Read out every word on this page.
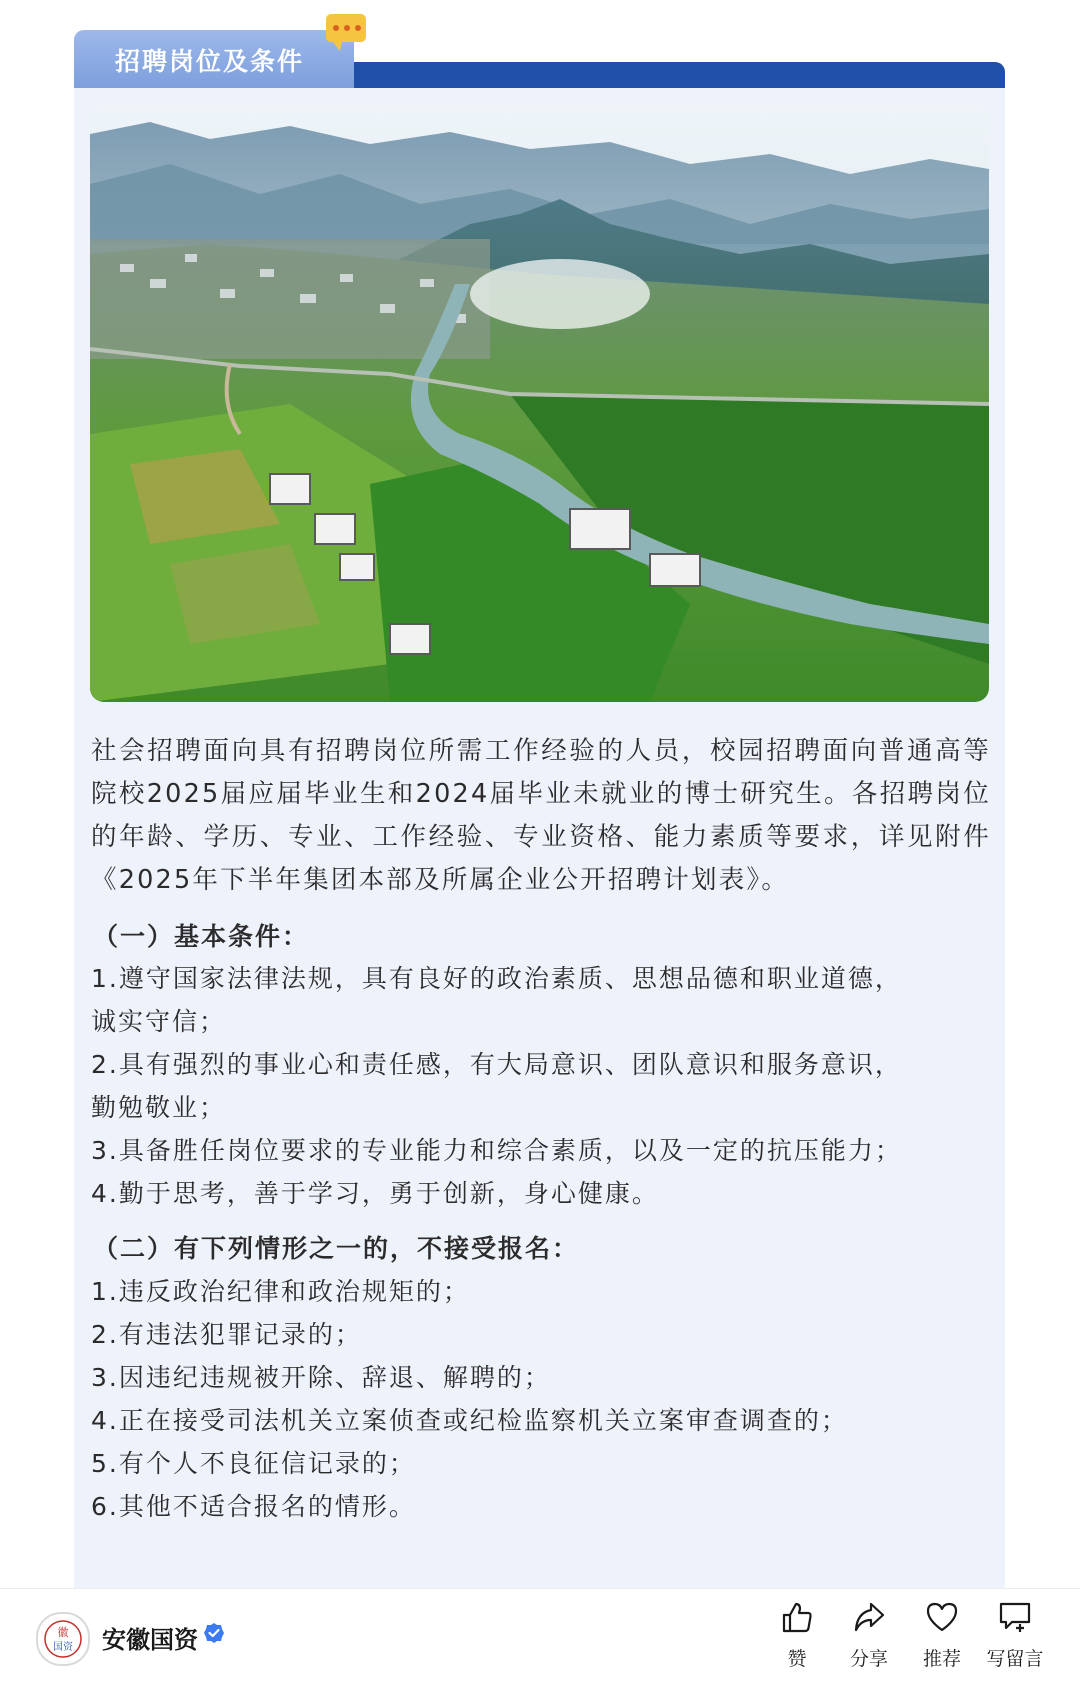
招聘岗位及条件
社会招聘面向具有招聘岗位所需工作经验的人员，校园招聘面向普通高等院校2025届应届毕业生和2024届毕业未就业的博士研究生。各招聘岗位的年龄、学历、专业、工作经验、专业资格、能力素质等要求，详见附件《2025年下半年集团本部及所属企业公开招聘计划表》。
（一）基本条件：
1.遵守国家法律法规，具有良好的政治素质、思想品德和职业道德，
诚实守信；
2.具有强烈的事业心和责任感，有大局意识、团队意识和服务意识，
勤勉敬业；
3.具备胜任岗位要求的专业能力和综合素质，以及一定的抗压能力；
4.勤于思考，善于学习，勇于创新，身心健康。
（二）有下列情形之一的，不接受报名：
1.违反政治纪律和政治规矩的；
2.有违法犯罪记录的；
3.因违纪违规被开除、辞退、解聘的；
4.正在接受司法机关立案侦查或纪检监察机关立案审查调查的；
5.有个人不良征信记录的；
6.其他不适合报名的情形。
徽
国资 安徽国资
赞	分享	推荐	写留言
